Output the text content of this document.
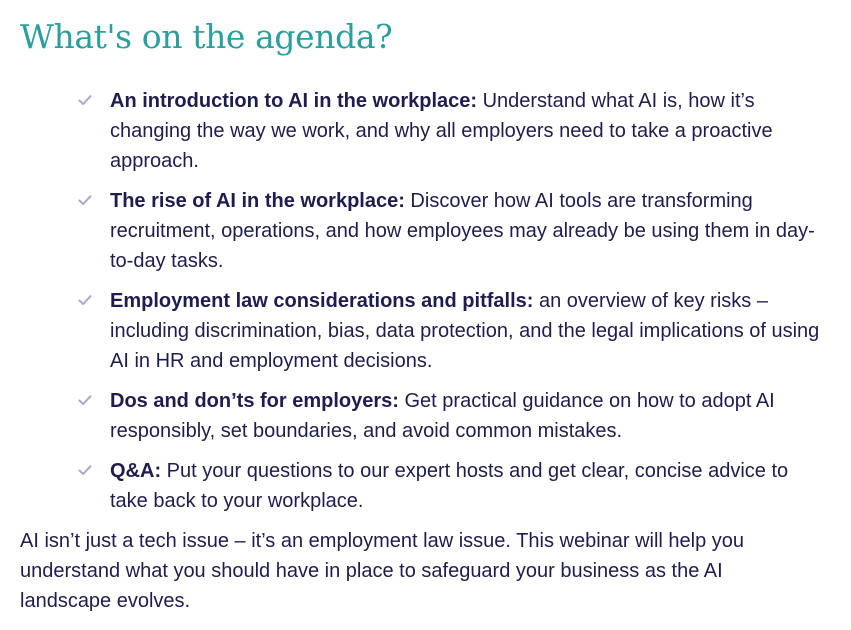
What's on the agenda?
An introduction to AI in the workplace: Understand what AI is, how it’s changing the way we work, and why all employers need to take a proactive approach.
The rise of AI in the workplace: Discover how AI tools are transforming recruitment, operations, and how employees may already be using them in day-to-day tasks.
Employment law considerations and pitfalls: an overview of key risks – including discrimination, bias, data protection, and the legal implications of using AI in HR and employment decisions.
Dos and don’ts for employers: Get practical guidance on how to adopt AI responsibly, set boundaries, and avoid common mistakes.
Q&A: Put your questions to our expert hosts and get clear, concise advice to take back to your workplace.

AI isn’t just a tech issue – it’s an employment law issue. This webinar will help you understand what you should have in place to safeguard your business as the AI landscape evolves.
